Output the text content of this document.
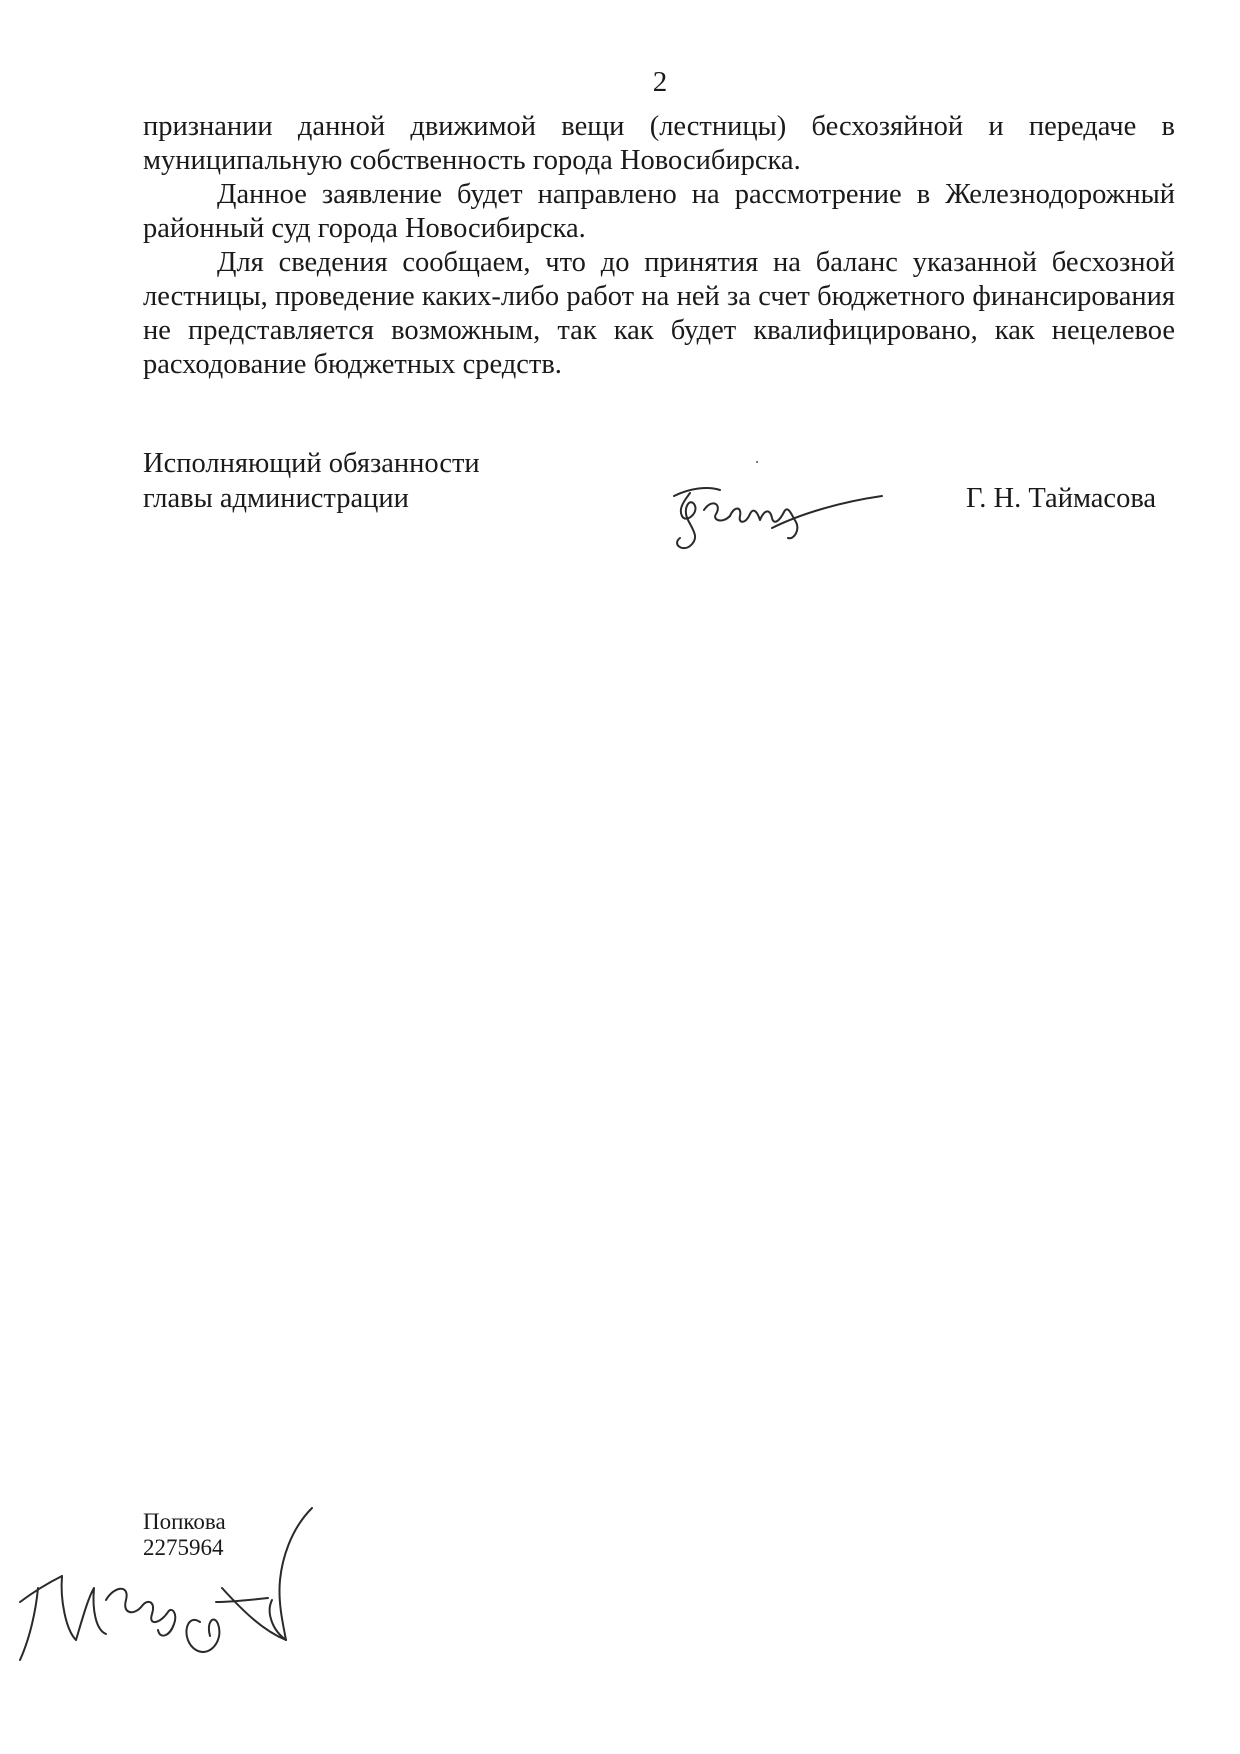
2

признании данной движимой вещи (лестницы) бесхозяйной и передаче в муниципальную собственность города Новосибирска.

Данное заявление будет направлено на рассмотрение в Железнодорожный районный суд города Новосибирска.

Для сведения сообщаем, что до принятия на баланс указанной бесхозной лестницы, проведение каких-либо работ на ней за счет бюджетного финансирования не представляется возможным, так как будет квалифицировано, как нецелевое расходование бюджетных средств.

Исполняющий обязанности
главы администрации	Г. Н. Таймасова
Попкова
2275964
